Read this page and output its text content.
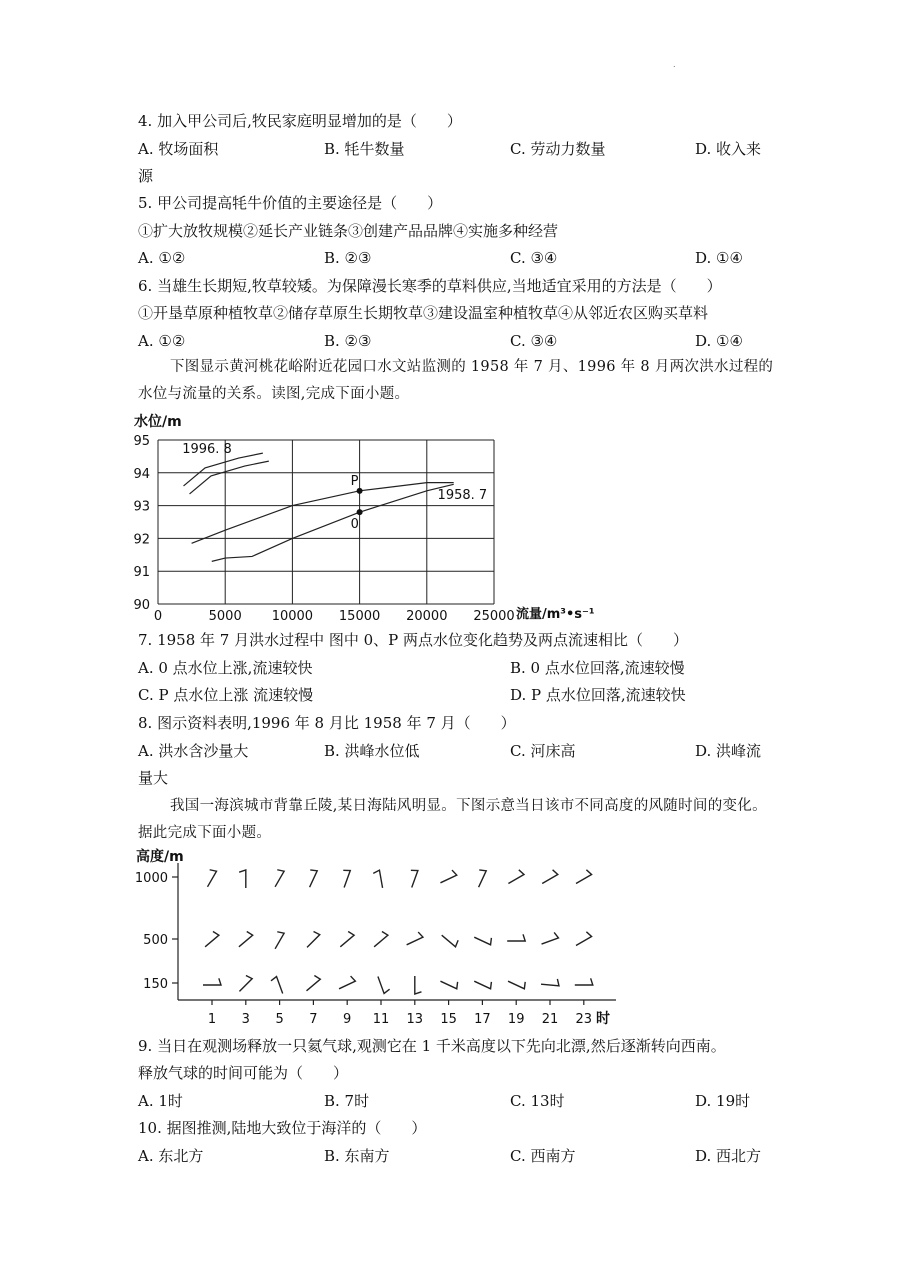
.
4. 加入甲公司后,牧民家庭明显增加的是（　　）
A. 牧场面积	B. 牦牛数量	C. 劳动力数量	D. 收入来
源
5. 甲公司提高牦牛价值的主要途径是（　　）
①扩大放牧规模②延长产业链条③创建产品品牌④实施多种经营
A. ①②	B. ②③	C. ③④	D. ①④
6. 当雄生长期短,牧草较矮。为保障漫长寒季的草料供应,当地适宜采用的方法是（　　）
①开垦草原种植牧草②储存草原生长期牧草③建设温室种植牧草④从邻近农区购买草料
A. ①②	B. ②③	C. ③④	D. ①④
下图显示黄河桃花峪附近花园口水文站监测的 1958 年 7 月、1996 年 8 月两次洪水过程的水位与流量的关系。读图,完成下面小题。
水位/m
90
91
92
93
94
95
0	5000 10000 15000 20000 25000
1996. 8
1958. 7
P
0
流量/m³•s⁻¹
7. 1958 年 7 月洪水过程中 图中 0、P 两点水位变化趋势及两点流速相比（　　）
A. 0 点水位上涨,流速较快	B. 0 点水位回落,流速较慢
C. P 点水位上涨 流速较慢	D. P 点水位回落,流速较快
8. 图示资料表明,1996 年 8 月比 1958 年 7 月（　　）
A. 洪水含沙量大	B. 洪峰水位低	C. 河床高	D. 洪峰流
量大
我国一海滨城市背靠丘陵,某日海陆风明显。下图示意当日该市不同高度的风随时间的变化。据此完成下面小题。
高度/m
1000
500
150
1 3 5 7 9 11 13 15 17 19 21 23 时
9. 当日在观测场释放一只氦气球,观测它在 1 千米高度以下先向北漂,然后逐渐转向西南。
释放气球的时间可能为（　　）
A. 1时	B. 7时	C. 13时	D. 19时
10. 据图推测,陆地大致位于海洋的（　　）
A. 东北方	B. 东南方	C. 西南方	D. 西北方
